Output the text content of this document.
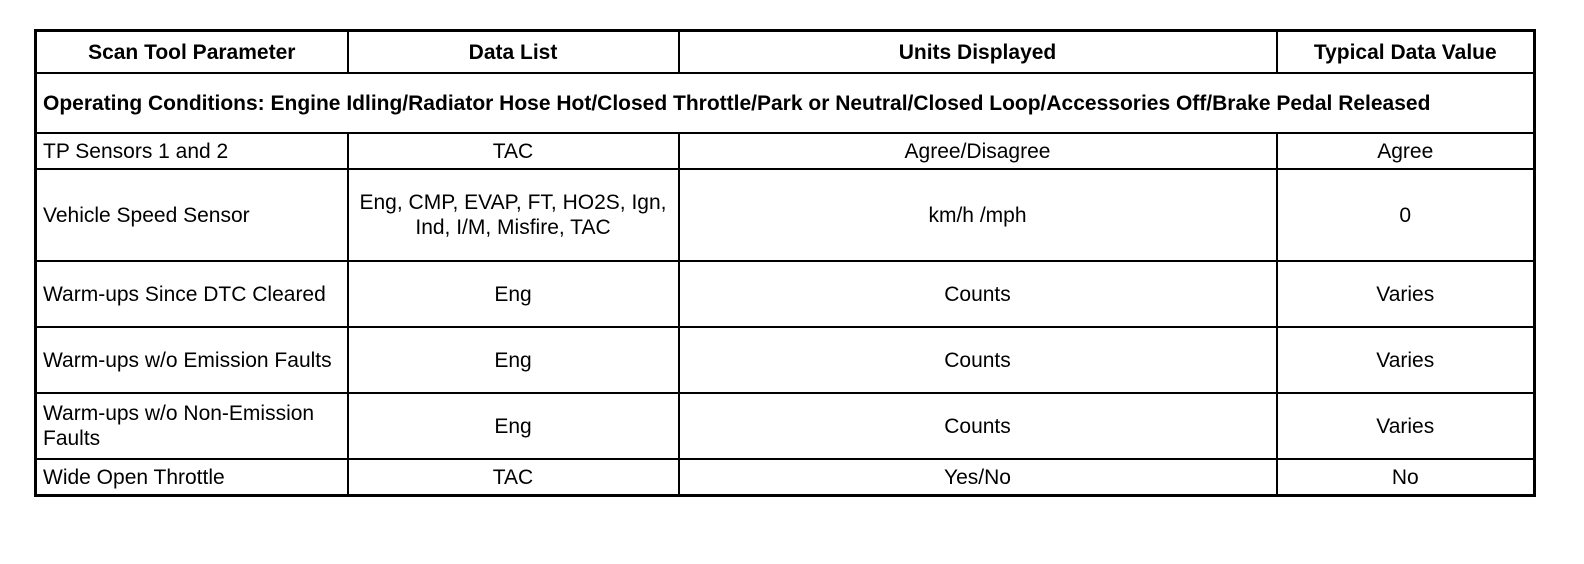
Scan Tool Parameter	Data List	Units Displayed	Typical Data Value
Operating Conditions: Engine Idling/Radiator Hose Hot/Closed Throttle/Park or Neutral/Closed Loop/Accessories Off/Brake Pedal Released			
TP Sensors 1 and 2	TAC	Agree/Disagree	Agree
Vehicle Speed Sensor	Eng, CMP, EVAP, FT, HO2S, Ign, Ind, I/M, Misfire, TAC	km/h /mph	0
Warm-ups Since DTC Cleared	Eng	Counts	Varies
Warm-ups w/o Emission Faults	Eng	Counts	Varies
Warm-ups w/o Non-Emission Faults	Eng	Counts	Varies
Wide Open Throttle	TAC	Yes/No	No
